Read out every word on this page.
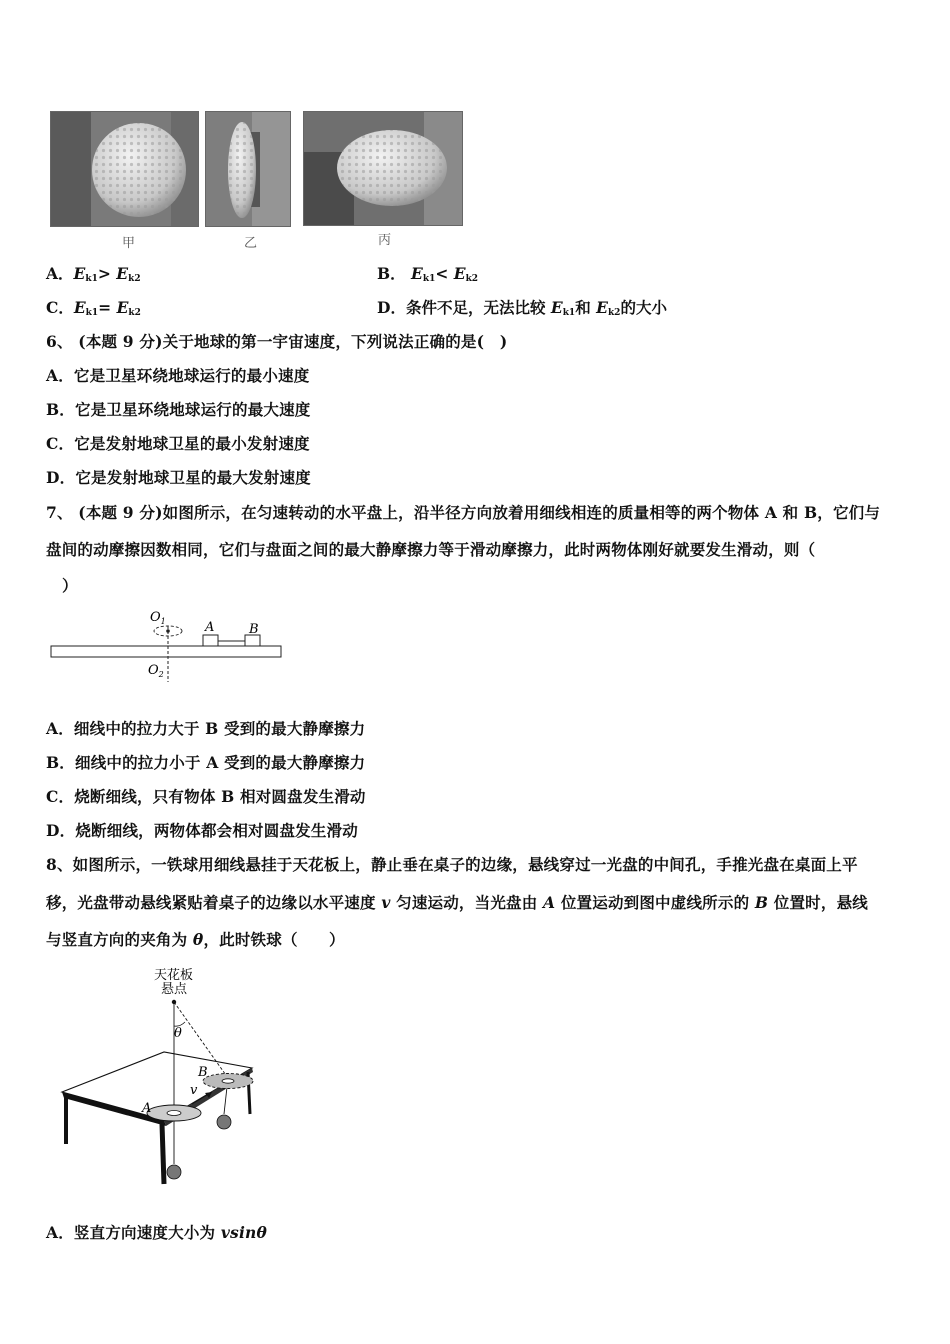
甲	乙	丙
A．$E_{k1}> E_{k2}$	B． $E_{k1}< E_{k2}$
C．$E_{k1}= E_{k2}$	D．条件不足，无法比较 $E_{k1}$和 $E_{k2}$的大小
6、 (本题 9 分)关于地球的第一宇宙速度，下列说法正确的是(　)
A．它是卫星环绕地球运行的最小速度
B．它是卫星环绕地球运行的最大速度
C．它是发射地球卫星的最小发射速度
D．它是发射地球卫星的最大发射速度
7、 (本题 9 分)如图所示，在匀速转动的水平盘上，沿半径方向放着用细线相连的质量相等的两个物体 A 和 B，它们与
盘间的动摩擦因数相同，它们与盘面之间的最大静摩擦力等于滑动摩擦力，此时两物体刚好就要发生滑动，则（
）
$O_1$	A	B
$O_2$
A．细线中的拉力大于 B 受到的最大静摩擦力
B．细线中的拉力小于 A 受到的最大静摩擦力
C．烧断细线，只有物体 B 相对圆盘发生滑动
D．烧断细线，两物体都会相对圆盘发生滑动
8、如图所示，一铁球用细线悬挂于天花板上，静止垂在桌子的边缘，悬线穿过一光盘的中间孔，手推光盘在桌面上平
移，光盘带动悬线紧贴着桌子的边缘以水平速度 v 匀速运动，当光盘由 A 位置运动到图中虚线所示的 B 位置时，悬线
与竖直方向的夹角为 θ，此时铁球（　　）
天花板
悬点
θ
A
B
v
A．竖直方向速度大小为 vsinθ
